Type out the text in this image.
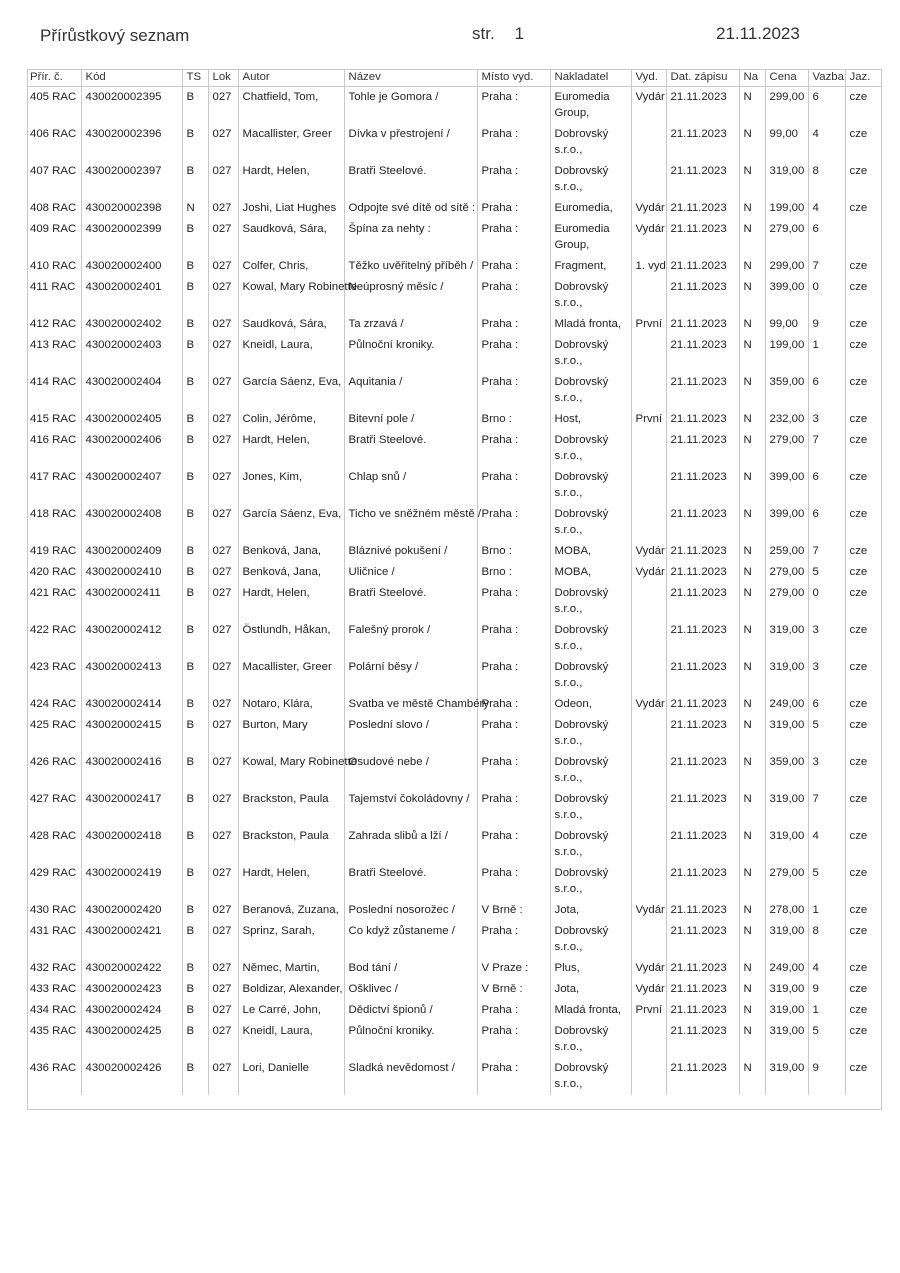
Přírůstkový seznam	str. 1	21.11.2023
Přír. č.	Kód	TS	Lok	Autor	Název	Místo vyd.	Nakladatel	Vyd.	Dat. zápisu	Na	Cena	Vazba	Jaz.
405 RAC	430020002395	B	027	Chatfield, Tom,	Tohle je Gomora /	Praha :	Euromedia Group,	Vydár	21.11.2023	N	299,00	6	cze
406 RAC	430020002396	B	027	Macallister, Greer	Dívka v přestrojení /	Praha :	Dobrovský s.r.o.,		21.11.2023	N	99,00	4	cze
407 RAC	430020002397	B	027	Hardt, Helen,	Bratři Steelové.	Praha :	Dobrovský s.r.o.,		21.11.2023	N	319,00	8	cze
408 RAC	430020002398	N	027	Joshi, Liat Hughes	Odpojte své dítě od sítě :	Praha :	Euromedia,	Vydár	21.11.2023	N	199,00	4	cze
409 RAC	430020002399	B	027	Saudková, Sára,	Špína za nehty :	Praha :	Euromedia Group,	Vydár	21.11.2023	N	279,00	6	
410 RAC	430020002400	B	027	Colfer, Chris,	Těžko uvěřitelný příběh /	Praha :	Fragment,	1. vyd	21.11.2023	N	299,00	7	cze
411 RAC	430020002401	B	027	Kowal, Mary Robinette	Neúprosný měsíc /	Praha :	Dobrovský s.r.o.,		21.11.2023	N	399,00	0	cze
412 RAC	430020002402	B	027	Saudková, Sára,	Ta zrzavá /	Praha :	Mladá fronta,	První	21.11.2023	N	99,00	9	cze
413 RAC	430020002403	B	027	Kneidl, Laura,	Půlnoční kroniky.	Praha :	Dobrovský s.r.o.,		21.11.2023	N	199,00	1	cze
414 RAC	430020002404	B	027	García Sáenz, Eva,	Aquitania /	Praha :	Dobrovský s.r.o.,		21.11.2023	N	359,00	6	cze
415 RAC	430020002405	B	027	Colin, Jérôme,	Bitevní pole /	Brno :	Host,	První	21.11.2023	N	232,00	3	cze
416 RAC	430020002406	B	027	Hardt, Helen,	Bratři Steelové.	Praha :	Dobrovský s.r.o.,		21.11.2023	N	279,00	7	cze
417 RAC	430020002407	B	027	Jones, Kim,	Chlap snů /	Praha :	Dobrovský s.r.o.,		21.11.2023	N	399,00	6	cze
418 RAC	430020002408	B	027	García Sáenz, Eva,	Ticho ve sněžném městě /	Praha :	Dobrovský s.r.o.,		21.11.2023	N	399,00	6	cze
419 RAC	430020002409	B	027	Benková, Jana,	Bláznivé pokušení /	Brno :	MOBA,	Vydár	21.11.2023	N	259,00	7	cze
420 RAC	430020002410	B	027	Benková, Jana,	Uličnice /	Brno :	MOBA,	Vydár	21.11.2023	N	279,00	5	cze
421 RAC	430020002411	B	027	Hardt, Helen,	Bratři Steelové.	Praha :	Dobrovský s.r.o.,		21.11.2023	N	279,00	0	cze
422 RAC	430020002412	B	027	Östlundh, Håkan,	Falešný prorok /	Praha :	Dobrovský s.r.o.,		21.11.2023	N	319,00	3	cze
423 RAC	430020002413	B	027	Macallister, Greer	Polární běsy /	Praha :	Dobrovský s.r.o.,		21.11.2023	N	319,00	3	cze
424 RAC	430020002414	B	027	Notaro, Klára,	Svatba ve městě Chambéry	Praha :	Odeon,	Vydár	21.11.2023	N	249,00	6	cze
425 RAC	430020002415	B	027	Burton, Mary	Poslední slovo /	Praha :	Dobrovský s.r.o.,		21.11.2023	N	319,00	5	cze
426 RAC	430020002416	B	027	Kowal, Mary Robinette	Osudové nebe /	Praha :	Dobrovský s.r.o.,		21.11.2023	N	359,00	3	cze
427 RAC	430020002417	B	027	Brackston, Paula	Tajemství čokoládovny /	Praha :	Dobrovský s.r.o.,		21.11.2023	N	319,00	7	cze
428 RAC	430020002418	B	027	Brackston, Paula	Zahrada slibů a lží /	Praha :	Dobrovský s.r.o.,		21.11.2023	N	319,00	4	cze
429 RAC	430020002419	B	027	Hardt, Helen,	Bratři Steelové.	Praha :	Dobrovský s.r.o.,		21.11.2023	N	279,00	5	cze
430 RAC	430020002420	B	027	Beranová, Zuzana,	Poslední nosorožec /	V Brně :	Jota,	Vydár	21.11.2023	N	278,00	1	cze
431 RAC	430020002421	B	027	Sprinz, Sarah,	Co když zůstaneme /	Praha :	Dobrovský s.r.o.,		21.11.2023	N	319,00	8	cze
432 RAC	430020002422	B	027	Němec, Martin,	Bod tání /	V Praze :	Plus,	Vydár	21.11.2023	N	249,00	4	cze
433 RAC	430020002423	B	027	Boldizar, Alexander,	Ošklivec /	V Brně :	Jota,	Vydár	21.11.2023	N	319,00	9	cze
434 RAC	430020002424	B	027	Le Carré, John,	Dědictví špionů /	Praha :	Mladá fronta,	První	21.11.2023	N	319,00	1	cze
435 RAC	430020002425	B	027	Kneidl, Laura,	Půlnoční kroniky.	Praha :	Dobrovský s.r.o.,		21.11.2023	N	319,00	5	cze
436 RAC	430020002426	B	027	Lori, Danielle	Sladká nevědomost /	Praha :	Dobrovský s.r.o.,		21.11.2023	N	319,00	9	cze
